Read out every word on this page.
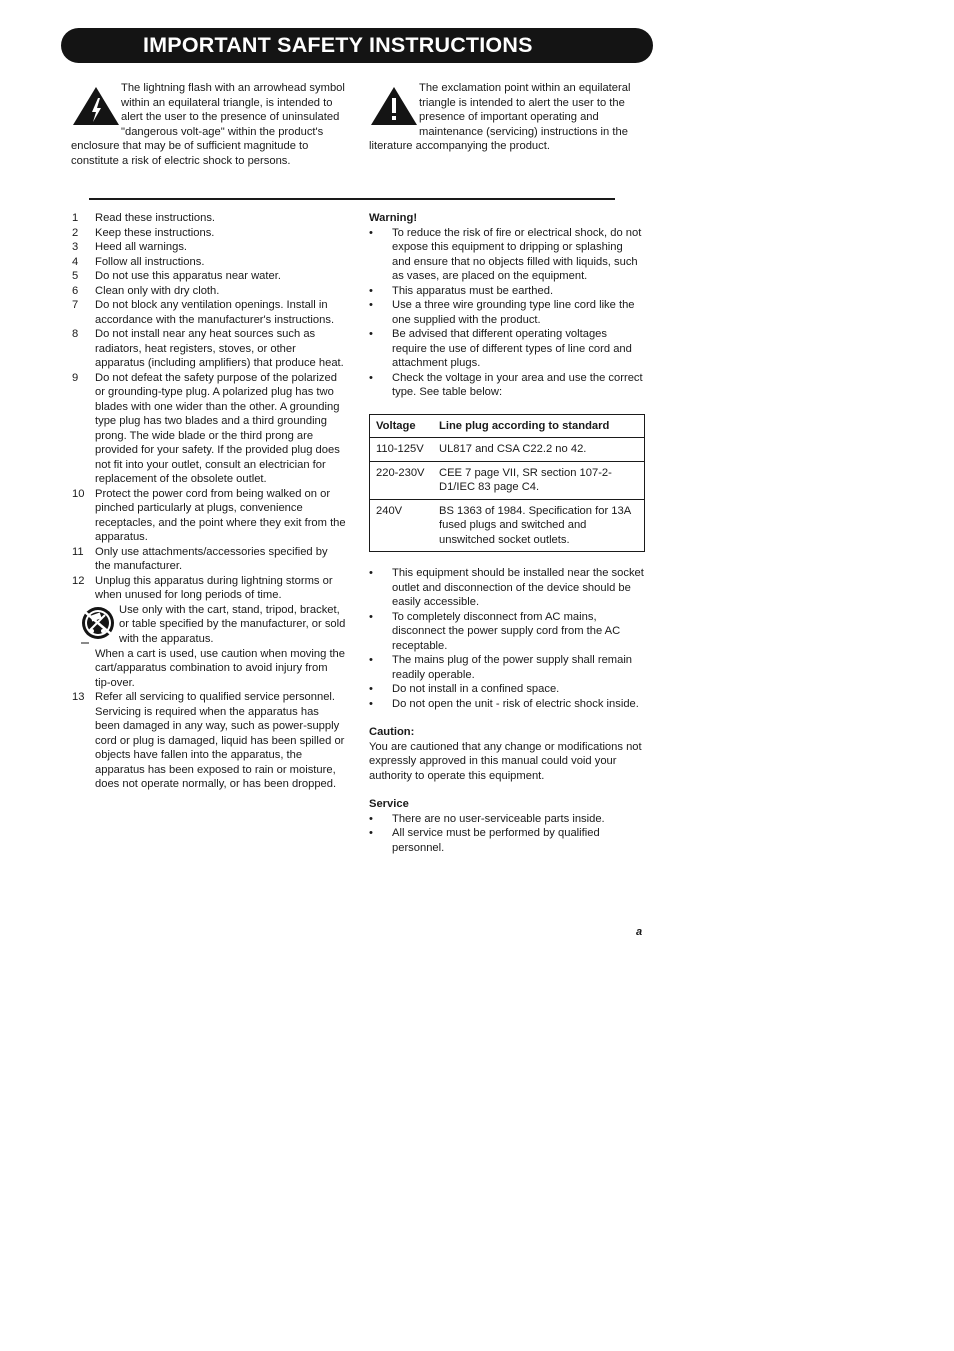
IMPORTANT SAFETY INSTRUCTIONS
The lightning flash with an arrowhead symbol within an equilateral triangle, is intended to alert the user to the presence of uninsulated "dangerous volt-age" within the product's enclosure that may be of sufficient magnitude to constitute a risk of electric shock to persons.
The exclamation point within an equilateral triangle is intended to alert the user to the presence of important operating and maintenance (servicing) instructions in the literature accompanying the product.
1	Read these instructions.
2	Keep these instructions.
3	Heed all warnings.
4	Follow all instructions.
5	Do not use this apparatus near water.
6	Clean only with dry cloth.
7	Do not block any ventilation openings. Install in accordance with the manufacturer's instructions.
8	Do not install near any heat sources such as radiators, heat registers, stoves, or other apparatus (including amplifiers) that produce heat.
9	Do not defeat the safety purpose of the polarized or grounding-type plug. A polarized plug has two blades with one wider than the other. A grounding type plug has two blades and a third grounding prong. The wide blade or the third prong are provided for your safety. If the provided plug does not fit into your outlet, consult an electrician for replacement of the obsolete outlet.
10 Protect the power cord from being walked on or pinched particularly at plugs, convenience receptacles, and the point where they exit from the apparatus.
11	Only use attachments/accessories specified by the manufacturer.
12 Unplug this apparatus during lightning storms or when unused for long periods of time.
Use only with the cart, stand, tripod, bracket, or table specified by the manufacturer, or sold with the apparatus.
When a cart is used, use caution when moving the cart/apparatus combination to avoid injury from tip-over.
13 Refer all servicing to qualified service personnel. Servicing is required when the apparatus has been damaged in any way, such as power-supply cord or plug is damaged, liquid has been spilled or objects have fallen into the apparatus, the apparatus has been exposed to rain or moisture, does not operate normally, or has been dropped.
Warning!
•	To reduce the risk of fire or electrical shock, do not expose this equipment to dripping or splashing and ensure that no objects filled with liquids, such as vases, are placed on the equipment.
•	This apparatus must be earthed.
•	Use a three wire grounding type line cord like the one supplied with the product.
•	Be advised that different operating voltages require the use of different types of line cord and attachment plugs.
•	Check the voltage in your area and use the correct type. See table below:
Voltage	Line plug according to standard
110-125V	UL817 and CSA C22.2 no 42.
220-230V	CEE 7 page VII, SR section 107-2-D1/IEC 83 page C4.
240V	BS 1363 of 1984. Specification for 13A fused plugs and switched and unswitched socket outlets.
•	This equipment should be installed near the socket outlet and disconnection of the device should be easily accessible.
•	To completely disconnect from AC mains, disconnect the power supply cord from the AC receptable.
•	The mains plug of the power supply shall remain readily operable.
•	Do not install in a confined space.
•	Do not open the unit - risk of electric shock inside.
Caution:
You are cautioned that any change or modifications not expressly approved in this manual could void your authority to operate this equipment.
Service
•	There are no user-serviceable parts inside.
•	All service must be performed by qualified personnel.
a
